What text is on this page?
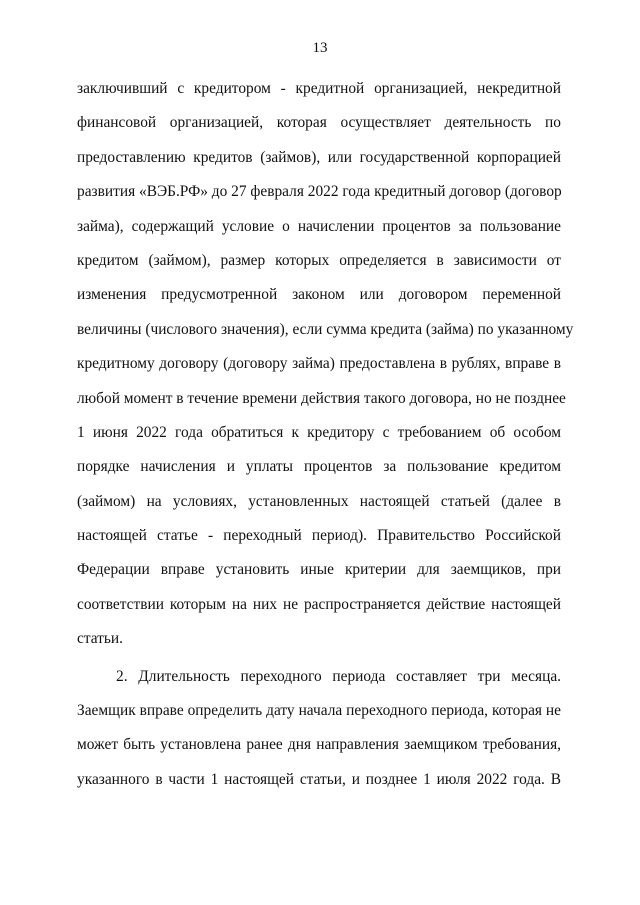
13
заключивший с кредитором - кредитной организацией, некредитной
финансовой организацией, которая осуществляет деятельность по
предоставлению кредитов (займов), или государственной корпорацией
развития «ВЭБ.РФ» до 27 февраля 2022 года кредитный договор (договор
займа), содержащий условие о начислении процентов за пользование
кредитом (займом), размер которых определяется в зависимости от
изменения предусмотренной законом или договором переменной
величины (числового значения), если сумма кредита (займа) по указанному
кредитному договору (договору займа) предоставлена в рублях, вправе в
любой момент в течение времени действия такого договора, но не позднее
1 июня 2022 года обратиться к кредитору с требованием об особом
порядке начисления и уплаты процентов за пользование кредитом
(займом) на условиях, установленных настоящей статьей (далее в
настоящей статье - переходный период). Правительство Российской
Федерации вправе установить иные критерии для заемщиков, при
соответствии которым на них не распространяется действие настоящей
статьи.
2. Длительность переходного периода составляет три месяца.
Заемщик вправе определить дату начала переходного периода, которая не
может быть установлена ранее дня направления заемщиком требования,
указанного в части 1 настоящей статьи, и позднее 1 июля 2022 года. В
